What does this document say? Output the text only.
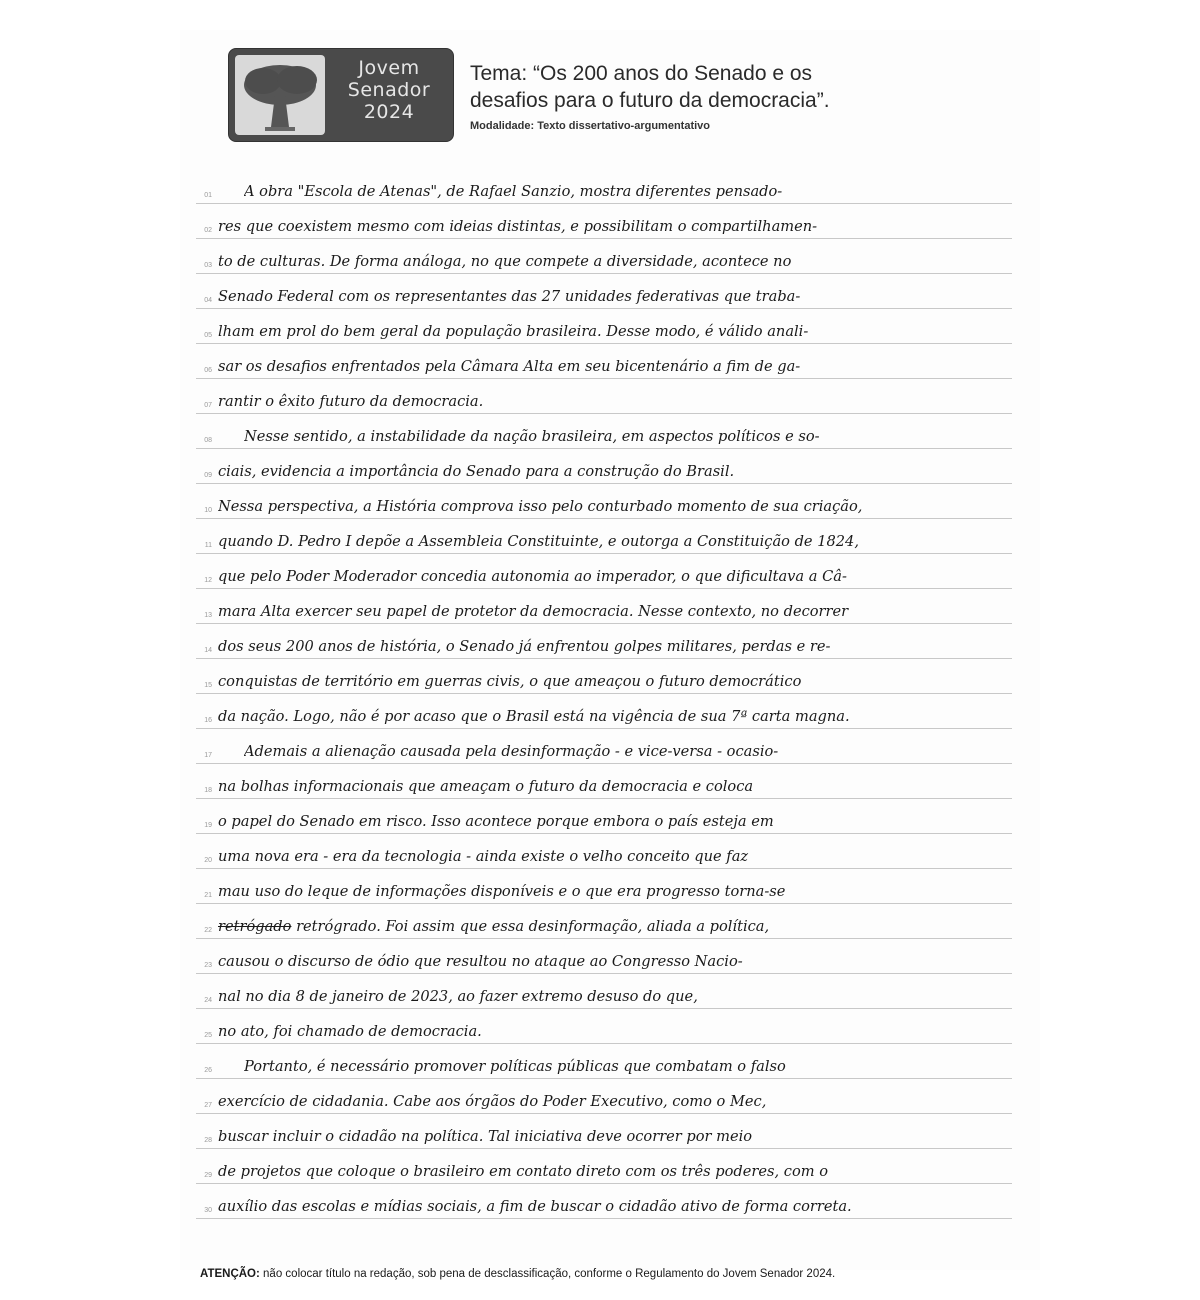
Jovem
Senador
2024
Tema: “Os 200 anos do Senado e os
desafios para o futuro da democracia”.
Modalidade: Texto dissertativo-argumentativo
01 A obra "Escola de Atenas", de Rafael Sanzio, mostra diferentes pensado-
02 res que coexistem mesmo com ideias distintas, e possibilitam o compartilhamen-
03 to de culturas. De forma análoga, no que compete a diversidade, acontece no
04 Senado Federal com os representantes das 27 unidades federativas que traba-
05 lham em prol do bem geral da população brasileira. Desse modo, é válido anali-
06 sar os desafios enfrentados pela Câmara Alta em seu bicentenário a fim de ga-
07 rantir o êxito futuro da democracia.
08 Nesse sentido, a instabilidade da nação brasileira, em aspectos políticos e so-
09 ciais, evidencia a importância do Senado para a construção do Brasil.
10 Nessa perspectiva, a História comprova isso pelo conturbado momento de sua criação,
11 quando D. Pedro I depõe a Assembleia Constituinte, e outorga a Constituição de 1824,
12 que pelo Poder Moderador concedia autonomia ao imperador, o que dificultava a Câ-
13 mara Alta exercer seu papel de protetor da democracia. Nesse contexto, no decorrer
14 dos seus 200 anos de história, o Senado já enfrentou golpes militares, perdas e re-
15 conquistas de território em guerras civis, o que ameaçou o futuro democrático
16 da nação. Logo, não é por acaso que o Brasil está na vigência de sua 7ª carta magna.
17 Ademais a alienação causada pela desinformação - e vice-versa - ocasio-
18 na bolhas informacionais que ameaçam o futuro da democracia e coloca
19 o papel do Senado em risco. Isso acontece porque embora o país esteja em
20 uma nova era - era da tecnologia - ainda existe o velho conceito que faz
21 mau uso do leque de informações disponíveis e o que era progresso torna-se
22 retrógado retrógrado. Foi assim que essa desinformação, aliada a política,
23 causou o discurso de ódio que resultou no ataque ao Congresso Nacio-
24 nal no dia 8 de janeiro de 2023, ao fazer extremo desuso do que,
25 no ato, foi chamado de democracia.
26 Portanto, é necessário promover políticas públicas que combatam o falso
27 exercício de cidadania. Cabe aos órgãos do Poder Executivo, como o Mec,
28 buscar incluir o cidadão na política. Tal iniciativa deve ocorrer por meio
29 de projetos que coloque o brasileiro em contato direto com os três poderes, com o
30 auxílio das escolas e mídias sociais, a fim de buscar o cidadão ativo de forma correta.
ATENÇÃO: não colocar título na redação, sob pena de desclassificação, conforme o Regulamento do Jovem Senador 2024.
